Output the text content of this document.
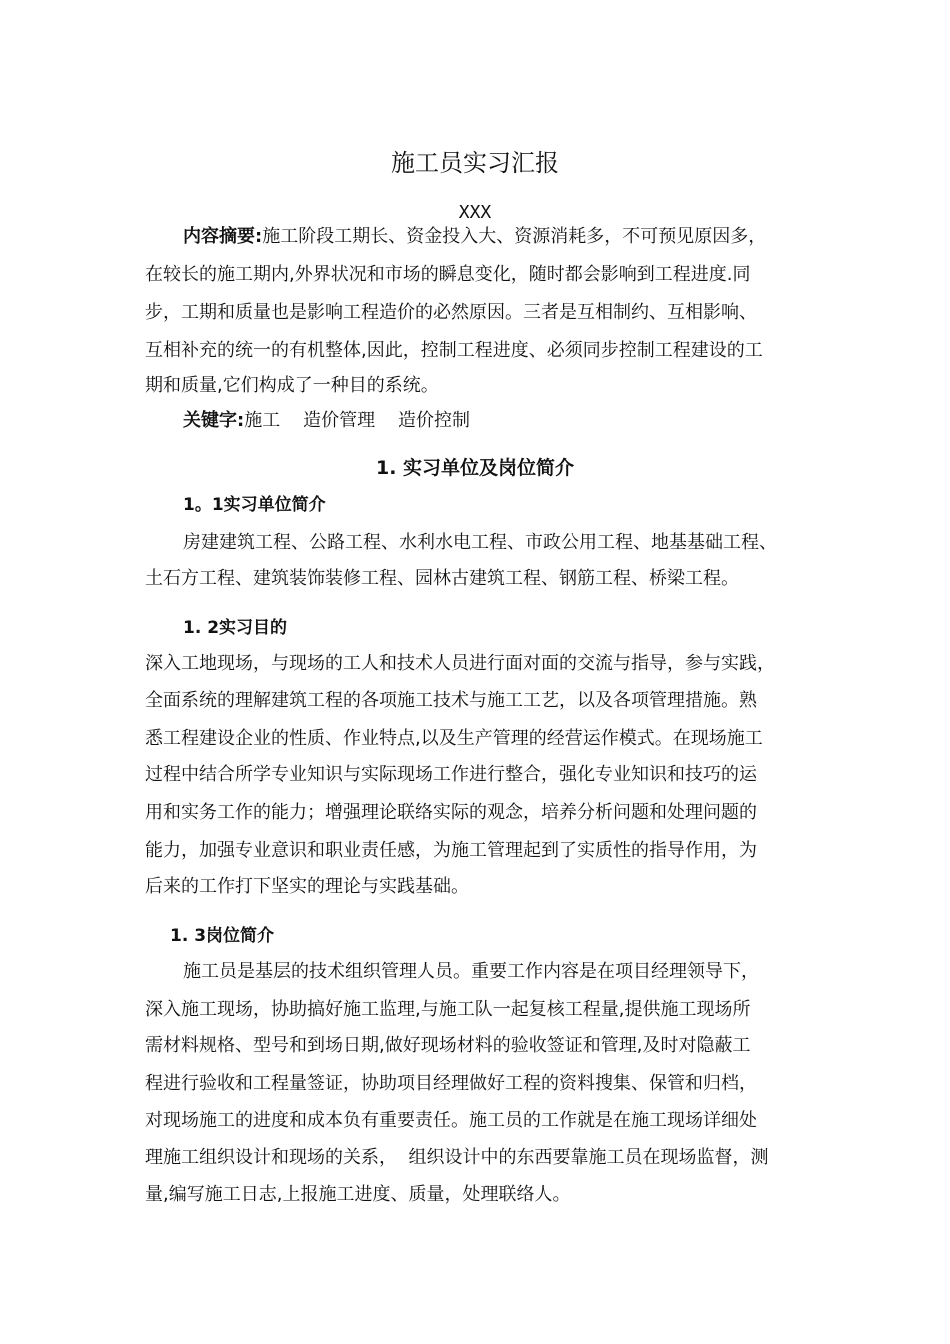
施工员实习汇报
XXX
内容摘要:施工阶段工期长、资金投入大、资源消耗多，不可预见原因多，
在较长的施工期内,外界状况和市场的瞬息变化，随时都会影响到工程进度.同
步，工期和质量也是影响工程造价的必然原因。三者是互相制约、互相影响、
互相补充的统一的有机整体,因此，控制工程进度、必须同步控制工程建设的工
期和质量,它们构成了一种目的系统。
关键字:施工    造价管理    造价控制
1. 实习单位及岗位简介
1。1实习单位简介
房建建筑工程、公路工程、水利水电工程、市政公用工程、地基基础工程、
土石方工程、建筑装饰装修工程、园林古建筑工程、钢筋工程、桥梁工程。
1. 2实习目的
深入工地现场，与现场的工人和技术人员进行面对面的交流与指导，参与实践，
全面系统的理解建筑工程的各项施工技术与施工工艺，以及各项管理措施。熟
悉工程建设企业的性质、作业特点,以及生产管理的经营运作模式。在现场施工
过程中结合所学专业知识与实际现场工作进行整合，强化专业知识和技巧的运
用和实务工作的能力；增强理论联络实际的观念，培养分析问题和处理问题的
能力，加强专业意识和职业责任感，为施工管理起到了实质性的指导作用，为
后来的工作打下坚实的理论与实践基础。
1. 3岗位简介
施工员是基层的技术组织管理人员。重要工作内容是在项目经理领导下，
深入施工现场，协助搞好施工监理,与施工队一起复核工程量,提供施工现场所
需材料规格、型号和到场日期,做好现场材料的验收签证和管理,及时对隐蔽工
程进行验收和工程量签证，协助项目经理做好工程的资料搜集、保管和归档，
对现场施工的进度和成本负有重要责任。施工员的工作就是在施工现场详细处
理施工组织设计和现场的关系，  组织设计中的东西要靠施工员在现场监督，测
量,编写施工日志,上报施工进度、质量，处理联络人。
